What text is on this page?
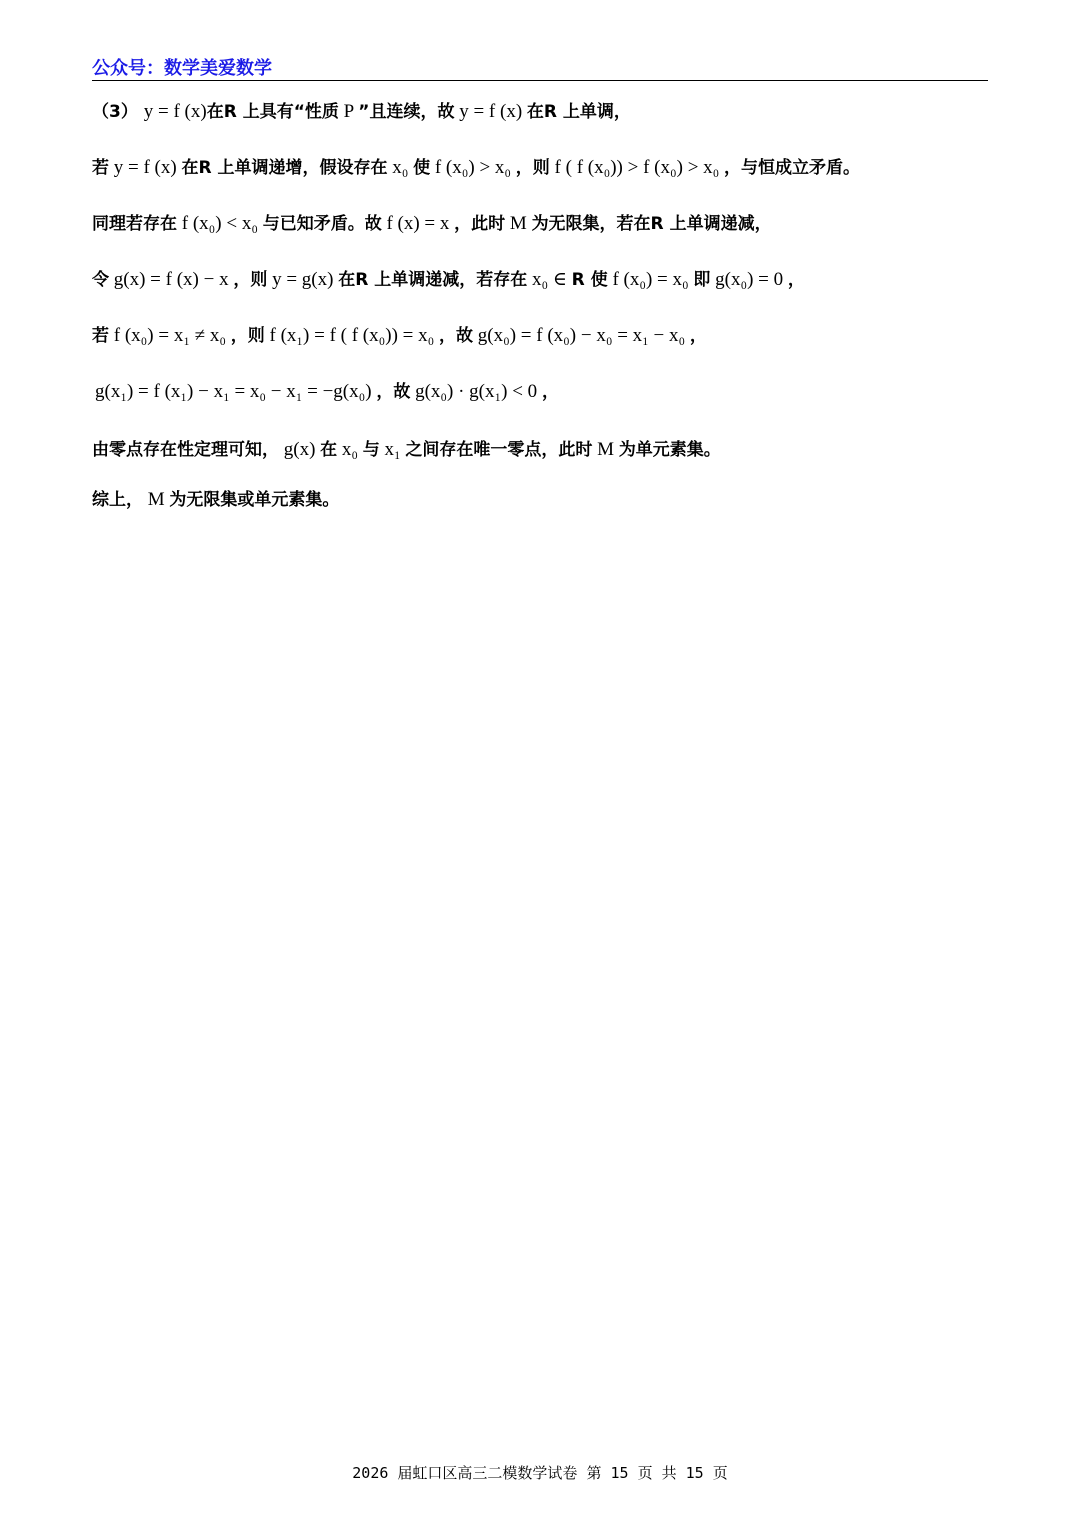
公众号：数学美爱数学
（3） y = f (x)在R 上具有“性质 P ”且连续，故 y = f (x) 在R 上单调，
若 y = f (x) 在R 上单调递增，假设存在 x₀ 使 f (x₀) > x₀ ，则 f ( f (x₀)) > f (x₀) > x₀ ，与恒成立矛盾。
同理若存在 f (x₀) < x₀ 与已知矛盾。故 f (x) = x ，此时 M 为无限集，若在R 上单调递减，
令 g(x) = f (x) − x ，则 y = g(x) 在R 上单调递减，若存在 x₀ ∈ R 使 f (x₀) = x₀ 即 g(x₀) = 0 ，
若 f (x₀) = x₁ ≠ x₀ ，则 f (x₁) = f ( f (x₀)) = x₀ ，故 g(x₀) = f (x₀) − x₀ = x₁ − x₀ ，
g(x₁) = f (x₁) − x₁ = x₀ − x₁ = −g(x₀) ，故 g(x₀) · g(x₁) < 0 ，
由零点存在性定理可知， g(x) 在 x₀ 与 x₁ 之间存在唯一零点，此时 M 为单元素集。
综上， M 为无限集或单元素集。
2026 届虹口区高三二模数学试卷 第 15 页 共 15 页
